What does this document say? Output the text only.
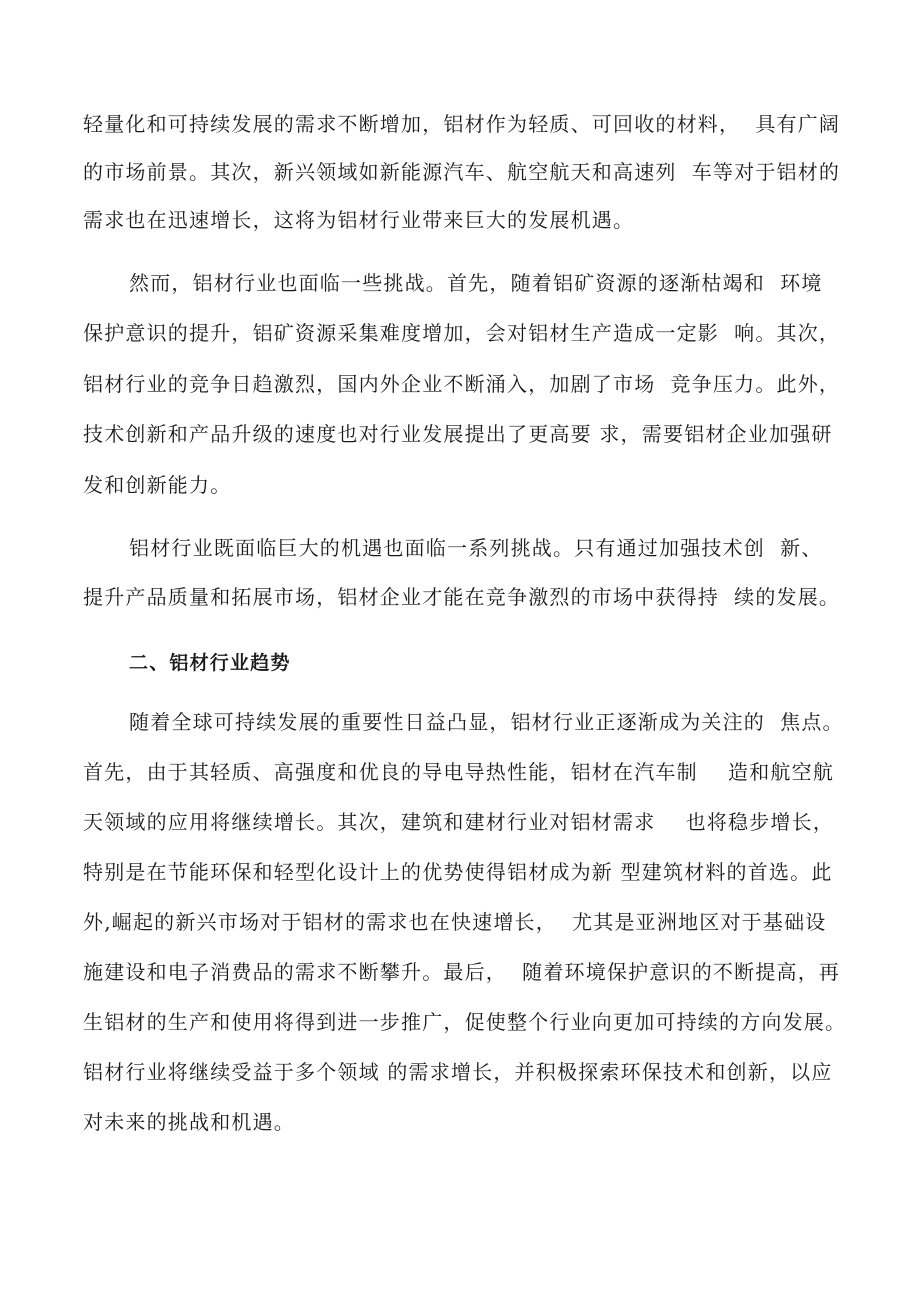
轻量化和可持续发展的需求不断增加，铝材作为轻质、可回收的材料，  具有广阔
的市场前景。其次，新兴领域如新能源汽车、航空航天和高速列  车等对于铝材的
需求也在迅速增长，这将为铝材行业带来巨大的发展机遇。
然而，铝材行业也面临一些挑战。首先，随着铝矿资源的逐渐枯竭和  环境
保护意识的提升，铝矿资源采集难度增加，会对铝材生产造成一定影  响。其次，
铝材行业的竞争日趋激烈，国内外企业不断涌入，加剧了市场  竞争压力。此外，
技术创新和产品升级的速度也对行业发展提出了更高要 求，需要铝材企业加强研
发和创新能力。
铝材行业既面临巨大的机遇也面临一系列挑战。只有通过加强技术创  新、
提升产品质量和拓展市场，铝材企业才能在竞争激烈的市场中获得持  续的发展。
二、铝材行业趋势
随着全球可持续发展的重要性日益凸显，铝材行业正逐渐成为关注的  焦点。
首先，由于其轻质、高强度和优良的导电导热性能，铝材在汽车制    造和航空航
天领域的应用将继续增长。其次，建筑和建材行业对铝材需求    也将稳步增长，
特别是在节能环保和轻型化设计上的优势使得铝材成为新 型建筑材料的首选。此
外,崛起的新兴市场对于铝材的需求也在快速增长，  尤其是亚洲地区对于基础设
施建设和电子消费品的需求不断攀升。最后，  随着环境保护意识的不断提高，再
生铝材的生产和使用将得到进一步推广，促使整个行业向更加可持续的方向发展。
铝材行业将继续受益于多个领域 的需求增长，并积极探索环保技术和创新，以应
对未来的挑战和机遇。
